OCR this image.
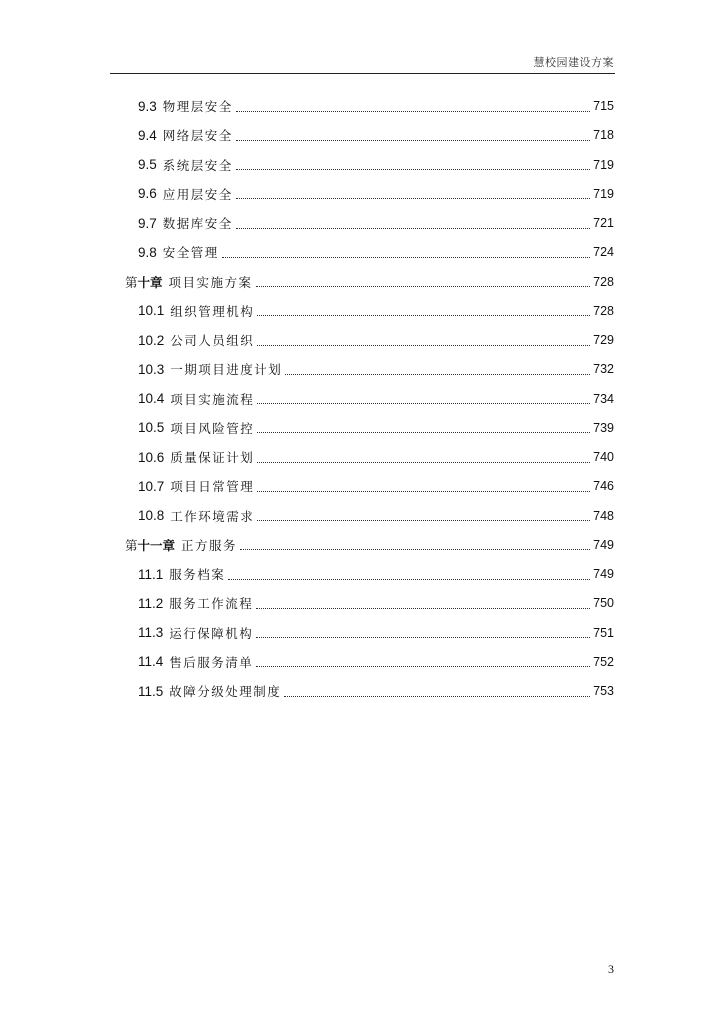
慧校园建设方案
9.3 物理层安全	715
9.4 网络层安全	718
9.5 系统层安全	719
9.6 应用层安全	719
9.7 数据库安全	721
9.8 安全管理	724
第十章 项目实施方案	728
10.1 组织管理机构	728
10.2 公司人员组织	729
10.3 一期项目进度计划	732
10.4 项目实施流程	734
10.5 项目风险管控	739
10.6 质量保证计划	740
10.7 项目日常管理	746
10.8 工作环境需求	748
第十一章 正方服务	749
11.1 服务档案	749
11.2 服务工作流程	750
11.3 运行保障机构	751
11.4 售后服务清单	752
11.5 故障分级处理制度	753
3
